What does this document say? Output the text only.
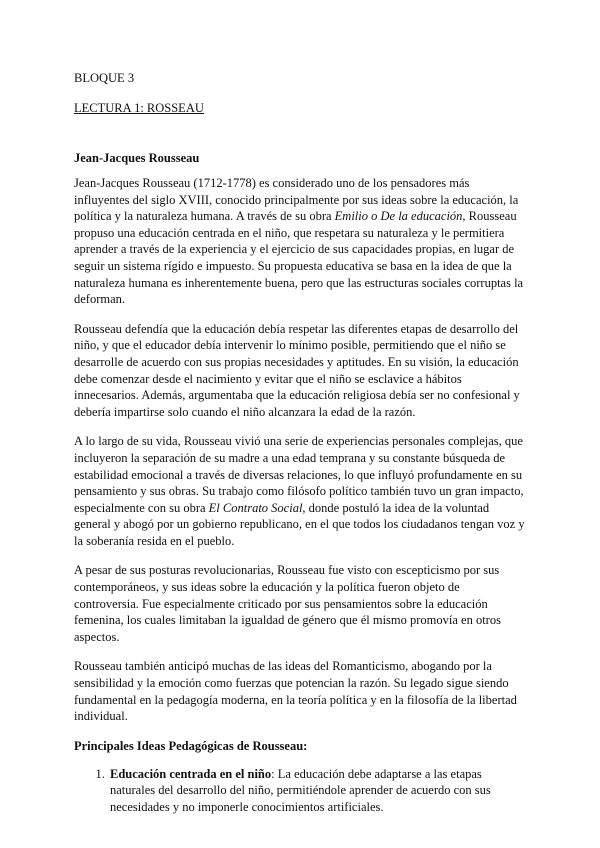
BLOQUE 3
LECTURA 1: ROSSEAU
Jean-Jacques Rousseau

Jean-Jacques Rousseau (1712-1778) es considerado uno de los pensadores más influyentes del siglo XVIII, conocido principalmente por sus ideas sobre la educación, la política y la naturaleza humana. A través de su obra Emilio o De la educación, Rousseau propuso una educación centrada en el niño, que respetara su naturaleza y le permitiera aprender a través de la experiencia y el ejercicio de sus capacidades propias, en lugar de seguir un sistema rígido e impuesto. Su propuesta educativa se basa en la idea de que la naturaleza humana es inherentemente buena, pero que las estructuras sociales corruptas la deforman.

Rousseau defendía que la educación debía respetar las diferentes etapas de desarrollo del niño, y que el educador debía intervenir lo mínimo posible, permitiendo que el niño se desarrolle de acuerdo con sus propias necesidades y aptitudes. En su visión, la educación debe comenzar desde el nacimiento y evitar que el niño se esclavice a hábitos innecesarios. Además, argumentaba que la educación religiosa debía ser no confesional y debería impartirse solo cuando el niño alcanzara la edad de la razón.

A lo largo de su vida, Rousseau vivió una serie de experiencias personales complejas, que incluyeron la separación de su madre a una edad temprana y su constante búsqueda de estabilidad emocional a través de diversas relaciones, lo que influyó profundamente en su pensamiento y sus obras. Su trabajo como filósofo político también tuvo un gran impacto, especialmente con su obra El Contrato Social, donde postuló la idea de la voluntad general y abogó por un gobierno republicano, en el que todos los ciudadanos tengan voz y la soberanía resida en el pueblo.

A pesar de sus posturas revolucionarias, Rousseau fue visto con escepticismo por sus contemporáneos, y sus ideas sobre la educación y la política fueron objeto de controversia. Fue especialmente criticado por sus pensamientos sobre la educación femenina, los cuales limitaban la igualdad de género que él mismo promovía en otros aspectos.

Rousseau también anticipó muchas de las ideas del Romanticismo, abogando por la sensibilidad y la emoción como fuerzas que potencian la razón. Su legado sigue siendo fundamental en la pedagogía moderna, en la teoría política y en la filosofía de la libertad individual.

Principales Ideas Pedagógicas de Rousseau:
1. Educación centrada en el niño: La educación debe adaptarse a las etapas naturales del desarrollo del niño, permitiéndole aprender de acuerdo con sus necesidades y no imponerle conocimientos artificiales.
